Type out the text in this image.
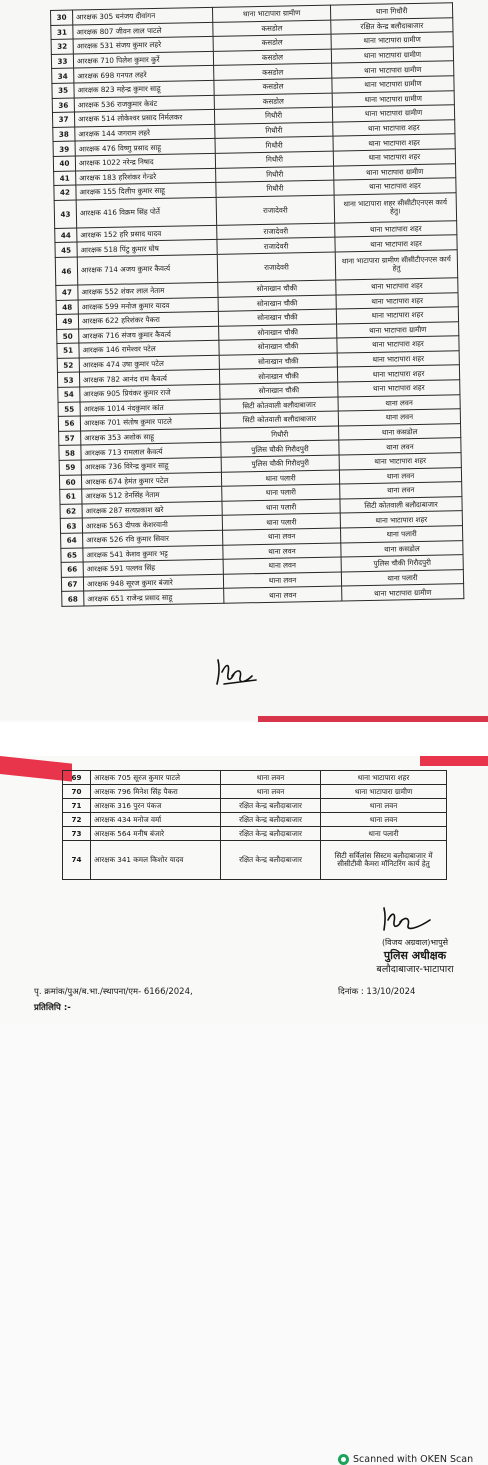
30	आरक्षक 305 धनंजय दीवांगन	थाना भाटापारा ग्रामीण	थाना गिधौरी
31	आरक्षक 807 जीवन लाल पाटले	कसडोल	रक्षित केन्द्र बलौदाबाजार
32	आरक्षक 531 संजय कुमार लहरे	कसडोल	थाना भाटापारा ग्रामीण
33	आरक्षक 710 पिलेश कुमार कुर्रे	कसडोल	थाना भाटापारा ग्रामीण
34	आरक्षक 698 गनपत लहरे	कसडोल	थाना भाटापारा ग्रामीण
35	आरक्षक 823 महेन्द्र कुमार साहू	कसडोल	थाना भाटापारा ग्रामीण
36	आरक्षक 536 राजकुमार केवंट	कसडोल	थाना भाटापारा ग्रामीण
37	आरक्षक 514 लोकेश्वर प्रसाद निर्मलकर	गिधौरी	थाना भाटापारा ग्रामीण
38	आरक्षक 144 जगराम लहरे	गिधौरी	थाना भाटापारा शहर
39	आरक्षक 476 विष्णु प्रसाद साहू	गिधौरी	थाना भाटापारा शहर
40	आरक्षक 1022 नरेन्द्र निषाद	गिधौरी	थाना भाटापारा शहर
41	आरक्षक 183 हरिशंकर गेन्डरे	गिधौरी	थाना भाटापारा ग्रामीण
42	आरक्षक 155 दिलीप कुमार साहू	गिधौरी	थाना भाटापारा शहर
43	आरक्षक 416 विक्रम सिंह पोर्ते	राजादेवरी	थाना भाटापारा शहर सीसीटीएनएस कार्य हेतु।
44	आरक्षक 152 हरि प्रसाद यादव	राजादेवरी	थाना भाटापारा शहर
45	आरक्षक 518 पिंटु कुमार घोष	राजादेवरी	थाना भाटापारा शहर
46	आरक्षक 714 अजय कुमार कैवर्त्य	राजादेवरी	थाना भाटापारा ग्रामीण सीसीटीएनएस कार्य हेतु
47	आरक्षक 552 शंकर लाल नेताम	सोनाखान चौकी	थाना भाटापारा शहर
48	आरक्षक 599 मनोज कुमार यादव	सोनाखान चौकी	थाना भाटापारा शहर
49	आरक्षक 622 हरिशंकर पैकरा	सोनाखान चौकी	थाना भाटापारा शहर
50	आरक्षक 716 संजय कुमार कैवर्त्य	सोनाखान चौकी	थाना भाटापारा ग्रामीण
51	आरक्षक 146 रामेश्वर पटेल	सोनाखान चौकी	थाना भाटापारा शहर
52	आरक्षक 474 उषा कुमार पटेल	सोनाखान चौकी	थाना भाटापारा शहर
53	आरक्षक 782 आनंद राम कैवर्त्य	सोनाखान चौकी	थाना भाटापारा शहर
54	आरक्षक 905 प्रियंकर कुमार राजे	सोनाखान चौकी	थाना भाटापारा शहर
55	आरक्षक 1014 नंदकुमार कांत	सिटी कोतवाली बलौदाबाजार	थाना लवन
56	आरक्षक 701 संतोष कुमार पाटले	सिटी कोतवाली बलौदाबाजार	थाना लवन
57	आरक्षक 353 अशोक साहू	गिधौरी	थाना कसडोल
58	आरक्षक 713 रामलाल कैवर्त्य	पुलिस चौकी गिरौदपुरी	थाना लवन
59	आरक्षक 736 विरेन्द्र कुमार साहू	पुलिस चौकी गिरौदपुरी	थाना भाटापारा शहर
60	आरक्षक 674 हेमंत कुमार पटेल	थाना पलारी	थाना लवन
61	आरक्षक 512 डेनसिंह नेताम	थाना पलारी	थाना लवन
62	आरक्षक 287 सत्यप्रकाश खरे	थाना पलारी	सिटी कोतवाली बलौदाबाजार
63	आरक्षक 563 दीपक केशरवानी	थाना पलारी	थाना भाटापारा शहर
64	आरक्षक 526 रवि कुमार सिवार	थाना लवन	थाना पलारी
65	आरक्षक 541 केशव कुमार भट्ट	थाना लवन	थाना कसडोल
66	आरक्षक 591 पल्लव सिंह	थाना लवन	पुलिस चौकी गिरौदपुरी
67	आरक्षक 948 सूरज कुमार बंजारे	थाना लवन	थाना पलारी
68	आरक्षक 651 राजेन्द्र प्रसाद साहू	थाना लवन	थाना भाटापारा ग्रामीण
Scanned with OKEN Scan
69	आरक्षक 705 सूरज कुमार पाटले	थाना लवन	थाना भाटापारा शहर
70	आरक्षक 796 मिनेश सिंह पैकरा	थाना लवन	थाना भाटापारा ग्रामीण
71	आरक्षक 316 पुरन पंकज	रक्षित केन्द्र बलौदाबाजार	थाना लवन
72	आरक्षक 434 मनोज वर्मा	रक्षित केन्द्र बलौदाबाजार	थाना लवन
73	आरक्षक 564 मनीष बंजारे	रक्षित केन्द्र बलौदाबाजार	थाना पलारी
74	आरक्षक 341 कमल किशोर यादव	रक्षित केन्द्र बलौदाबाजार	सिटी सर्विलांस सिस्टम बलौदाबाजार में सीसीटीवी कैमरा मॉनिटरिंग कार्य हेतु
(विजय अग्रवाल)भापुसे
पुलिस अधीक्षक
बलौदाबाजार-भाटापारा
पृ. क्रमांक/पुअ/ब.भा./स्थापना/एम- 6166/2024,	दिनांक : 13/10/2024
प्रतिलिपि :-
